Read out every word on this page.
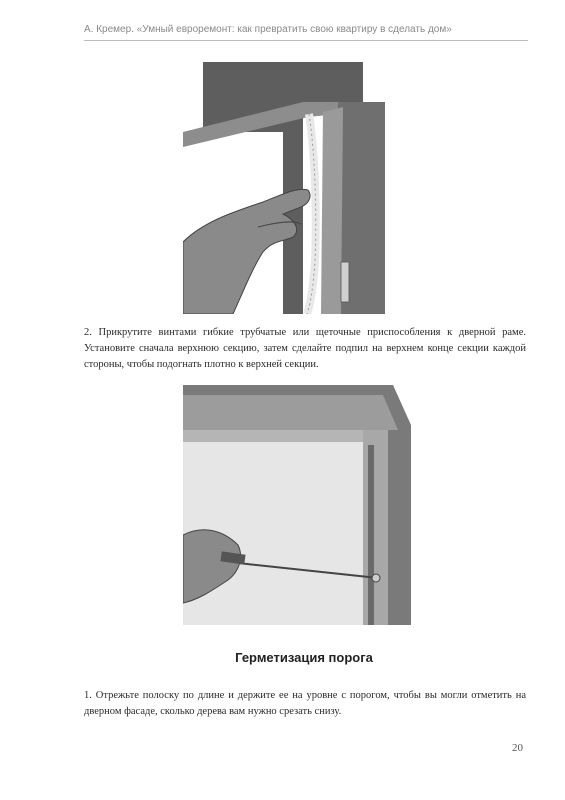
А. Кремер. «Умный евроремонт: как превратить свою квартиру в сделать дом»
2. Прикрутите винтами гибкие трубчатые или щеточные приспособления к дверной раме. Установите сначала верхнюю секцию, затем сделайте подпил на верхнем конце секции каждой стороны, чтобы подогнать плотно к верхней секции.
Герметизация порога
1. Отрежьте полоску по длине и держите ее на уровне с порогом, чтобы вы могли отметить на дверном фасаде, сколько дерева вам нужно срезать снизу.
20
